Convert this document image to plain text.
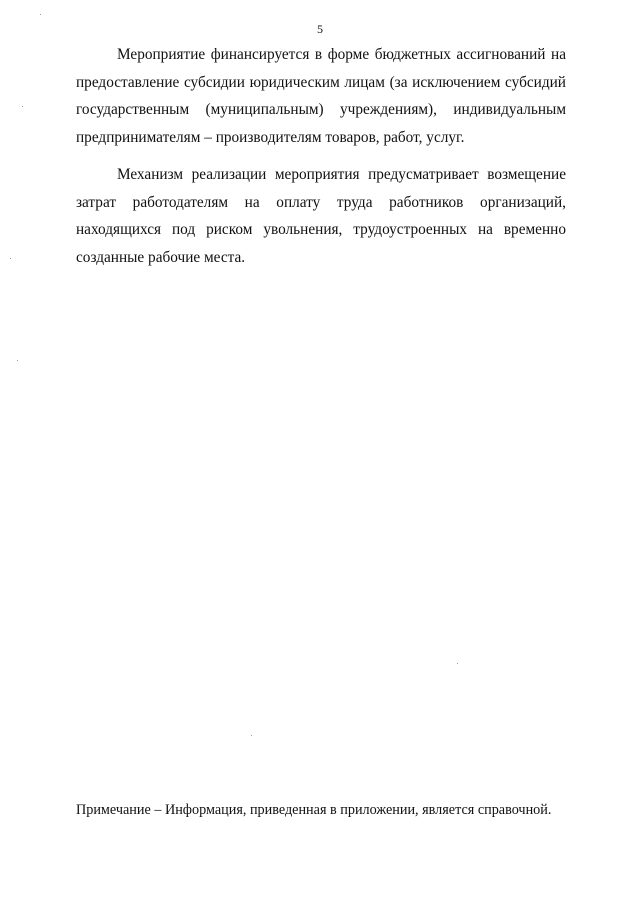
5

Мероприятие финансируется в форме бюджетных ассигнований на предоставление субсидии юридическим лицам (за исключением субсидий государственным (муниципальным) учреждениям), индивидуальным предпринимателям – производителям товаров, работ, услуг.

Механизм реализации мероприятия предусматривает возмещение затрат работодателям на оплату труда работников организаций, находящихся под риском увольнения, трудоустроенных на временно созданные рабочие места.

Примечание – Информация, приведенная в приложении, является справочной.
